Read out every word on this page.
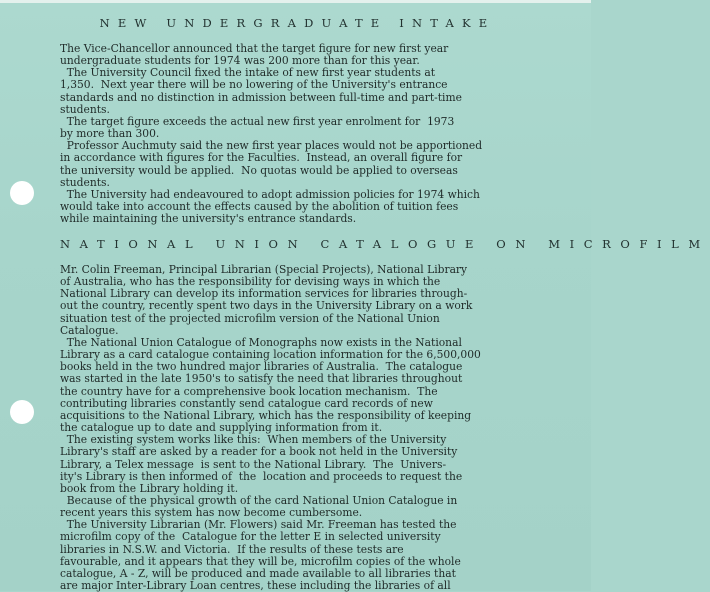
NEW UNDERGRADUATE INTAKE
The Vice-Chancellor announced that the target figure for new first year
undergraduate students for 1974 was 200 more than for this year.
The University Council fixed the intake of new first year students at
1,350.  Next year there will be no lowering of the University's entrance
standards and no distinction in admission between full-time and part-time
students.
The target figure exceeds the actual new first year enrolment for  1973
by more than 300.
Professor Auchmuty said the new first year places would not be apportioned
in accordance with figures for the Faculties.  Instead, an overall figure for
the university would be applied.  No quotas would be applied to overseas
students.
The University had endeavoured to adopt admission policies for 1974 which
would take into account the effects caused by the abolition of tuition fees
while maintaining the university's entrance standards.
NATIONAL UNION CATALOGUE ON MICROFILM
Mr. Colin Freeman, Principal Librarian (Special Projects), National Library
of Australia, who has the responsibility for devising ways in which the
National Library can develop its information services for libraries through-
out the country, recently spent two days in the University Library on a work
situation test of the projected microfilm version of the National Union
Catalogue.
The National Union Catalogue of Monographs now exists in the National
Library as a card catalogue containing location information for the 6,500,000
books held in the two hundred major libraries of Australia.  The catalogue
was started in the late 1950's to satisfy the need that libraries throughout
the country have for a comprehensive book location mechanism.  The
contributing libraries constantly send catalogue card records of new
acquisitions to the National Library, which has the responsibility of keeping
the catalogue up to date and supplying information from it.
The existing system works like this:  When members of the University
Library's staff are asked by a reader for a book not held in the University
Library, a Telex message  is sent to the National Library.  The  Univers-
ity's Library is then informed of  the  location and proceeds to request the
book from the Library holding it.
Because of the physical growth of the card National Union Catalogue in
recent years this system has now become cumbersome.
The University Librarian (Mr. Flowers) said Mr. Freeman has tested the
microfilm copy of the  Catalogue for the letter E in selected university
libraries in N.S.W. and Victoria.  If the results of these tests are
favourable, and it appears that they will be, microfilm copies of the whole
catalogue, A - Z, will be produced and made available to all libraries that
are major Inter-Library Loan centres, these including the libraries of all
